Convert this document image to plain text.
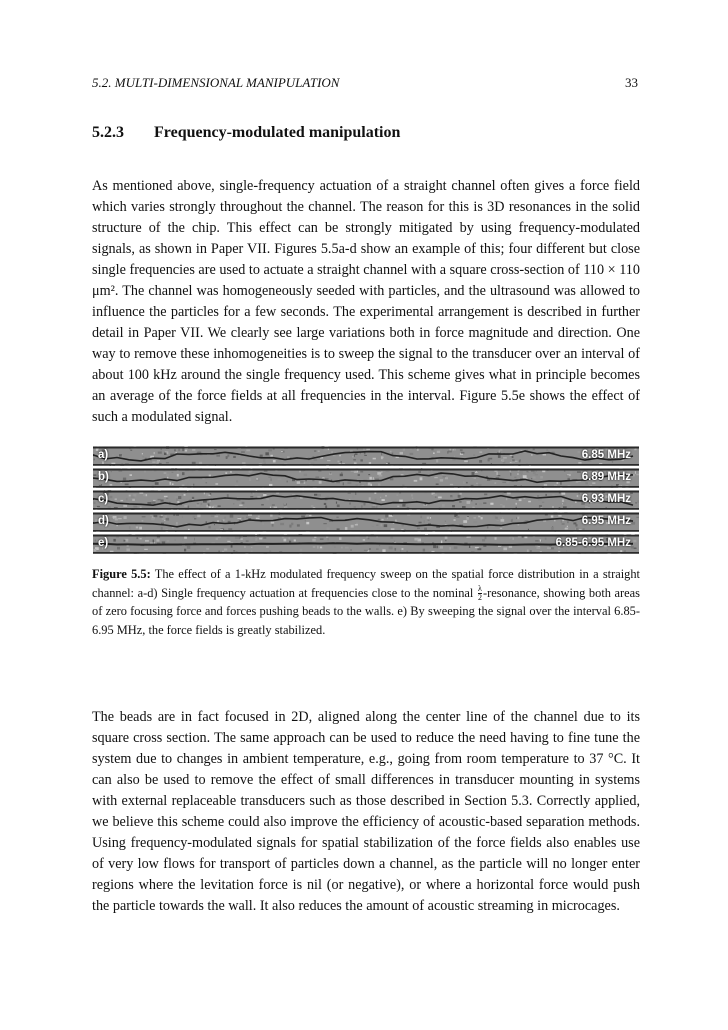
5.2. MULTI-DIMENSIONAL MANIPULATION	33
5.2.3 Frequency-modulated manipulation
As mentioned above, single-frequency actuation of a straight channel often gives a force field which varies strongly throughout the channel. The reason for this is 3D resonances in the solid structure of the chip. This effect can be strongly mitigated by using frequency-modulated signals, as shown in Paper VII. Figures 5.5a-d show an example of this; four different but close single frequencies are used to actuate a straight channel with a square cross-section of 110 × 110 μm². The channel was homogeneously seeded with particles, and the ultrasound was allowed to influence the particles for a few seconds. The experimental arrangement is described in further detail in Paper VII. We clearly see large variations both in force magnitude and direction. One way to remove these inhomogeneities is to sweep the signal to the transducer over an interval of about 100 kHz around the single frequency used. This scheme gives what in principle becomes an average of the force fields at all frequencies in the interval. Figure 5.5e shows the effect of such a modulated signal.
a)	6.85 MHz
b)	6.89 MHz
c)	6.93 MHz
d)	6.95 MHz
e)	6.85-6.95 MHz
Figure 5.5: The effect of a 1-kHz modulated frequency sweep on the spatial force distribution in a straight channel: a-d) Single frequency actuation at frequencies close to the nominal $\frac{\lambda}{2}$ -resonance, showing both areas of zero focusing force and forces pushing beads to the walls. e) By sweeping the signal over the interval 6.85-6.95 MHz, the force fields is greatly stabilized.
The beads are in fact focused in 2D, aligned along the center line of the channel due to its square cross section. The same approach can be used to reduce the need having to fine tune the system due to changes in ambient temperature, e.g., going from room temperature to 37 °C. It can also be used to remove the effect of small differences in transducer mounting in systems with external replaceable transducers such as those described in Section 5.3. Correctly applied, we believe this scheme could also improve the efficiency of acoustic-based separation methods. Using frequency-modulated signals for spatial stabilization of the force fields also enables use of very low flows for transport of particles down a channel, as the particle will no longer enter regions where the levitation force is nil (or negative), or where a horizontal force would push the particle towards the wall. It also reduces the amount of acoustic streaming in microcages.
